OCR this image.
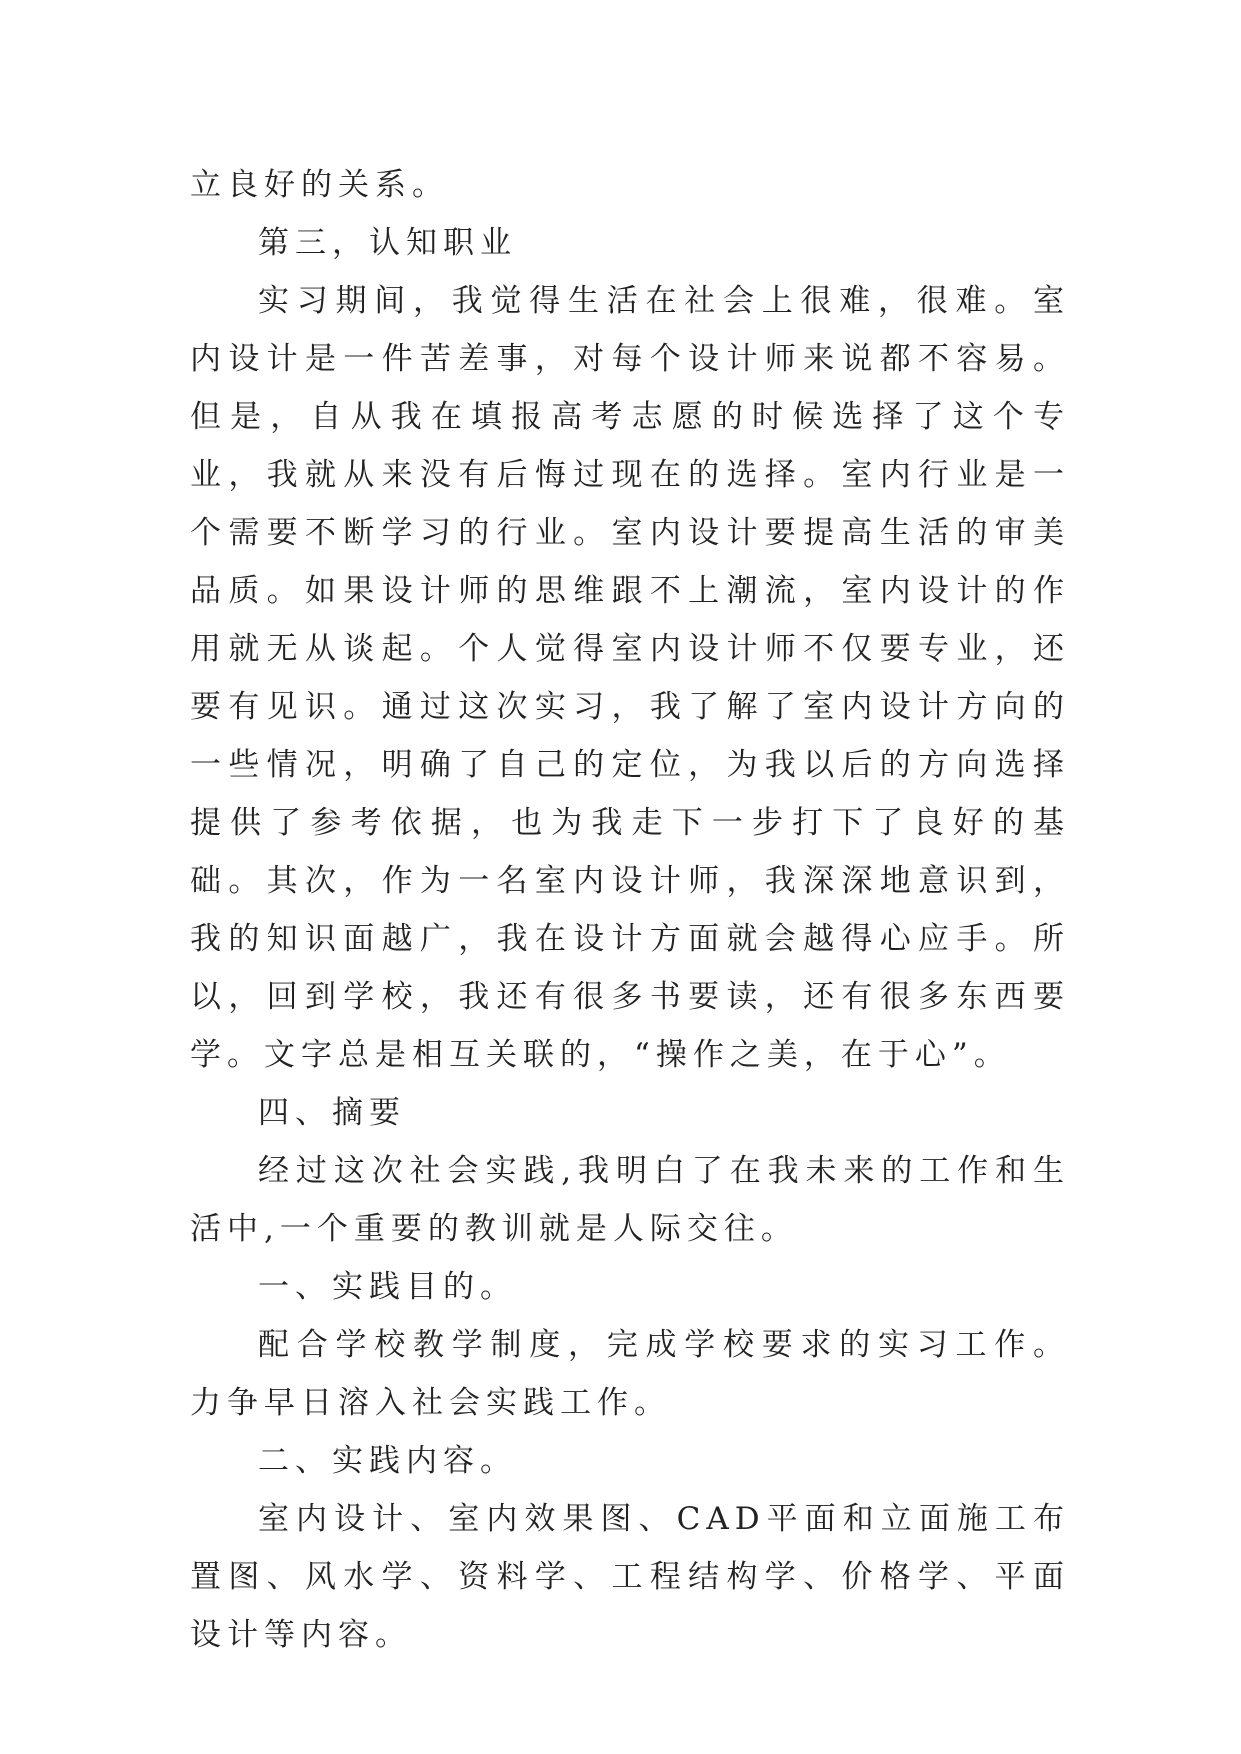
立良好的关系。

第三，认知职业

实习期间，我觉得生活在社会上很难，很难。室内设计是一件苦差事，对每个设计师来说都不容易。但是，自从我在填报高考志愿的时候选择了这个专业，我就从来没有后悔过现在的选择。室内行业是一个需要不断学习的行业。室内设计要提高生活的审美品质。如果设计师的思维跟不上潮流，室内设计的作用就无从谈起。个人觉得室内设计师不仅要专业，还要有见识。通过这次实习，我了解了室内设计方向的一些情况，明确了自己的定位，为我以后的方向选择提供了参考依据，也为我走下一步打下了良好的基础。其次，作为一名室内设计师，我深深地意识到，我的知识面越广，我在设计方面就会越得心应手。所以，回到学校，我还有很多书要读，还有很多东西要学。文字总是相互关联的，“操作之美，在于心”。

四、摘要

经过这次社会实践,我明白了在我未来的工作和生活中,一个重要的教训就是人际交往。

一、实践目的。

配合学校教学制度，完成学校要求的实习工作。力争早日溶入社会实践工作。

二、实践内容。

室内设计、室内效果图、CAD平面和立面施工布置图、风水学、资料学、工程结构学、价格学、平面设计等内容。
